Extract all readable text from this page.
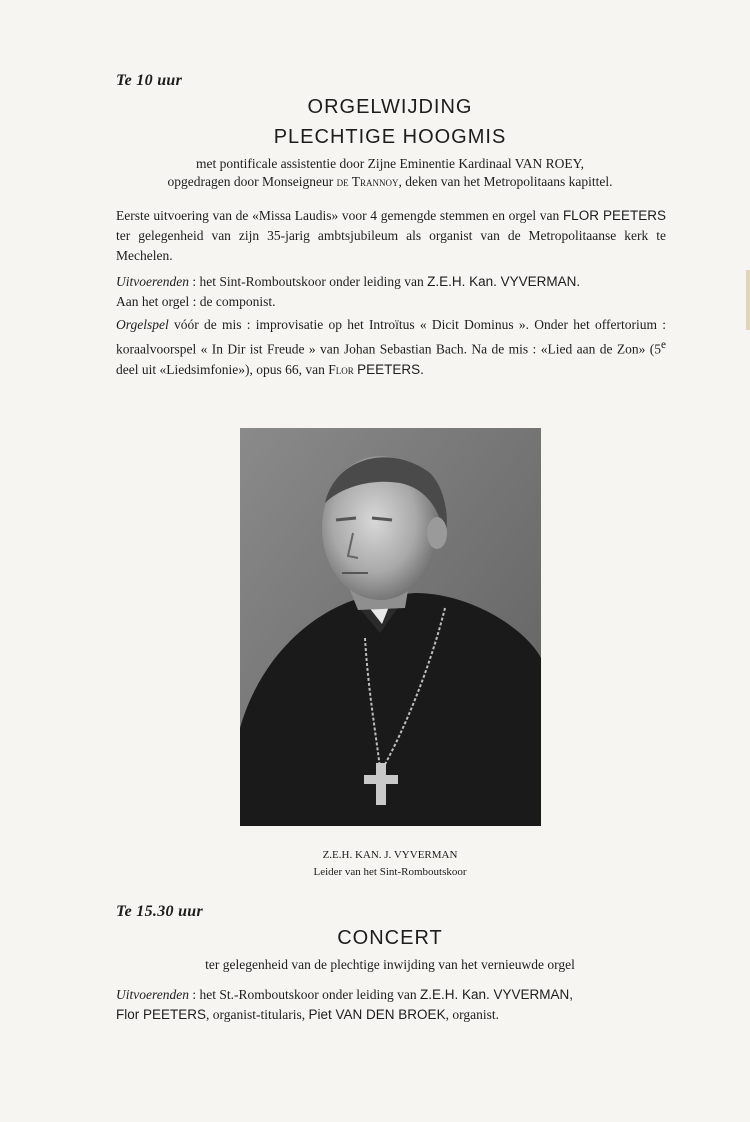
Te 10 uur
ORGELWIJDING
PLECHTIGE HOOGMIS
met pontificale assistentie door Zijne Eminentie Kardinaal VAN ROEY,
opgedragen door Monseigneur de Trannoy, deken van het Metropolitaans kapittel.
Eerste uitvoering van de «Missa Laudis» voor 4 gemengde stemmen en orgel van FLOR PEETERS ter gelegenheid van zijn 35-jarig ambtsjubileum als organist van de Metropolitaanse kerk te Mechelen.
Uitvoerenden : het Sint-Romboutskoor onder leiding van Z.E.H. Kan. VYVERMAN.
Aan het orgel : de componist.
Orgelspel vóór de mis : improvisatie op het Introïtus « Dicit Dominus ». Onder het offertorium : koraalvoorspel « In Dir ist Freude » van Johan Sebastian Bach. Na de mis : «Lied aan de Zon» (5e deel uit «Liedsimfonie»), opus 66, van Flor PEETERS.
Z.E.H. KAN. J. VYVERMAN
Leider van het Sint-Romboutskoor
Te 15.30 uur
CONCERT
ter gelegenheid van de plechtige inwijding van het vernieuwde orgel
Uitvoerenden : het St.-Romboutskoor onder leiding van Z.E.H. Kan. VYVERMAN,
Flor PEETERS, organist-titularis, Piet VAN DEN BROEK, organist.
